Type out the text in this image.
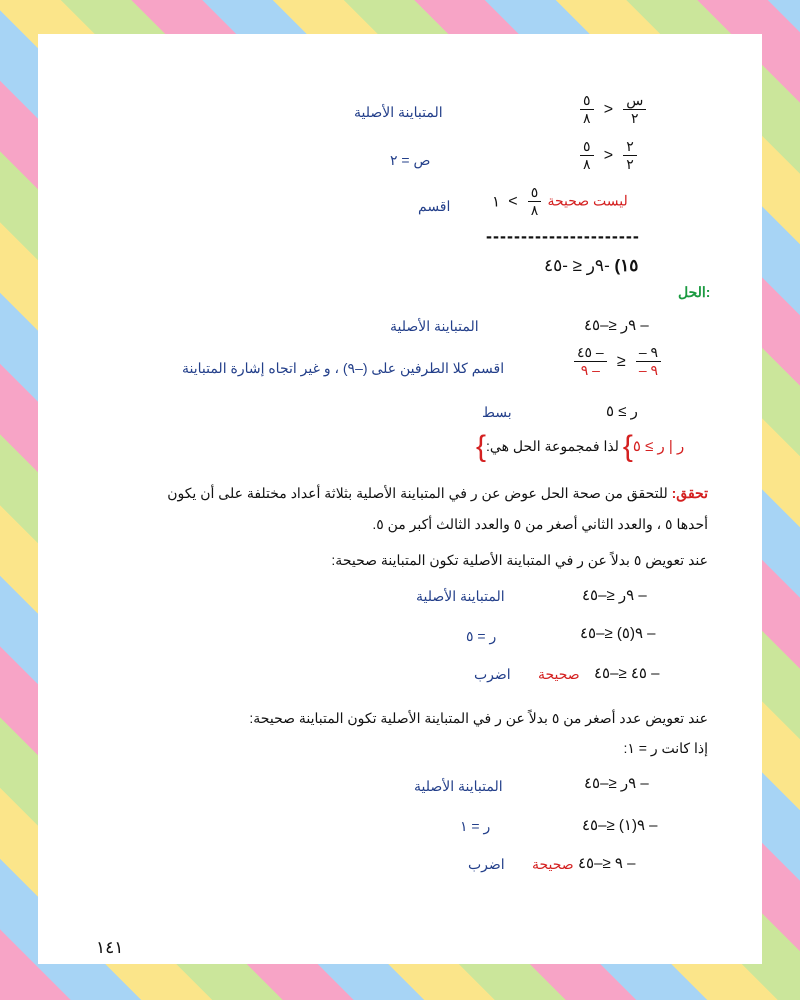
$\frac{٥}{٨} > \frac{\text{س}}{٢}$
المتباينة الأصلية
$\frac{٥}{٨} > \frac{٢}{٢}$
ص = ٢
ليست صحيحة
$\frac{٥}{٨}$
> ١
اقسم
----------------------
١٥) -٩ر ≤ -٤٥
الحل:
– ٩ر ≤–٤٥
المتباينة الأصلية
$\frac{٤٥ -}{٩ -} \ge \frac{- ٩}{- ٩}$
اقسم كلا الطرفين على (–٩) ، و غير اتجاه إشارة المتباينة
ر ≥ ٥
بسط
{	ر | ر ≥ ٥} لذا فمجموعة الحل هي:
تحقق: للتحقق من صحة الحل عوض عن ر في المتباينة الأصلية بثلاثة أعداد مختلفة على أن يكون
أحدها ٥ ، والعدد الثاني أصغر من ٥ والعدد الثالث أكبر من ٥.
عند تعويض ٥ بدلاً عن ر في المتباينة الأصلية تكون المتباينة صحيحة:
– ٩ر ≤–٤٥
المتباينة الأصلية
– ٩(٥) ≤–٤٥
ر = ٥
– ٤٥ ≤–٤٥
صحيحة
اضرب
عند تعويض عدد أصغر من ٥ بدلاً عن ر في المتباينة الأصلية تكون المتباينة صحيحة:
إذا كانت ر = ١:
– ٩ر ≤–٤٥
المتباينة الأصلية
– ٩(١) ≤–٤٥
ر = ١
– ٩ ≤–٤٥
صحيحة
اضرب
١٤١
